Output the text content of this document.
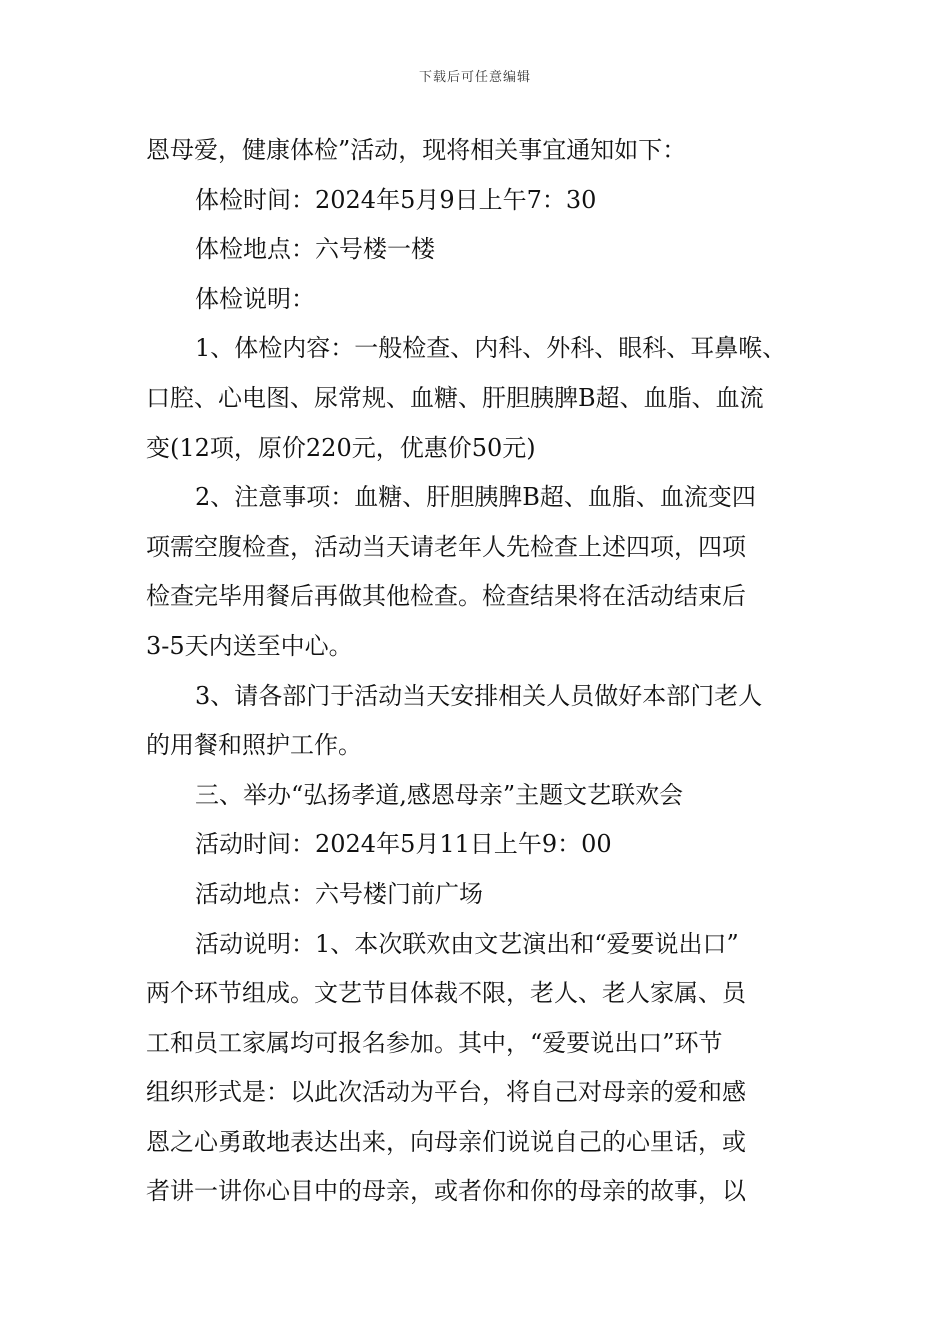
下载后可任意编辑
恩母爱，健康体检”活动，现将相关事宜通知如下：
体检时间：2024年5月9日上午7：30
体检地点：六号楼一楼
体检说明：
1、体检内容：一般检查、内科、外科、眼科、耳鼻喉、
口腔、心电图、尿常规、血糖、肝胆胰脾B超、血脂、血流
变(12项，原价220元，优惠价50元)
2、注意事项：血糖、肝胆胰脾B超、血脂、血流变四
项需空腹检查，活动当天请老年人先检查上述四项，四项
检查完毕用餐后再做其他检查。检查结果将在活动结束后
3-5天内送至中心。
3、请各部门于活动当天安排相关人员做好本部门老人
的用餐和照护工作。
三、举办“弘扬孝道,感恩母亲”主题文艺联欢会
活动时间：2024年5月11日上午9：00
活动地点：六号楼门前广场
活动说明：1、本次联欢由文艺演出和“爱要说出口”
两个环节组成。文艺节目体裁不限，老人、老人家属、员
工和员工家属均可报名参加。其中，“爱要说出口”环节
组织形式是：以此次活动为平台，将自己对母亲的爱和感
恩之心勇敢地表达出来，向母亲们说说自己的心里话，或
者讲一讲你心目中的母亲，或者你和你的母亲的故事，以
